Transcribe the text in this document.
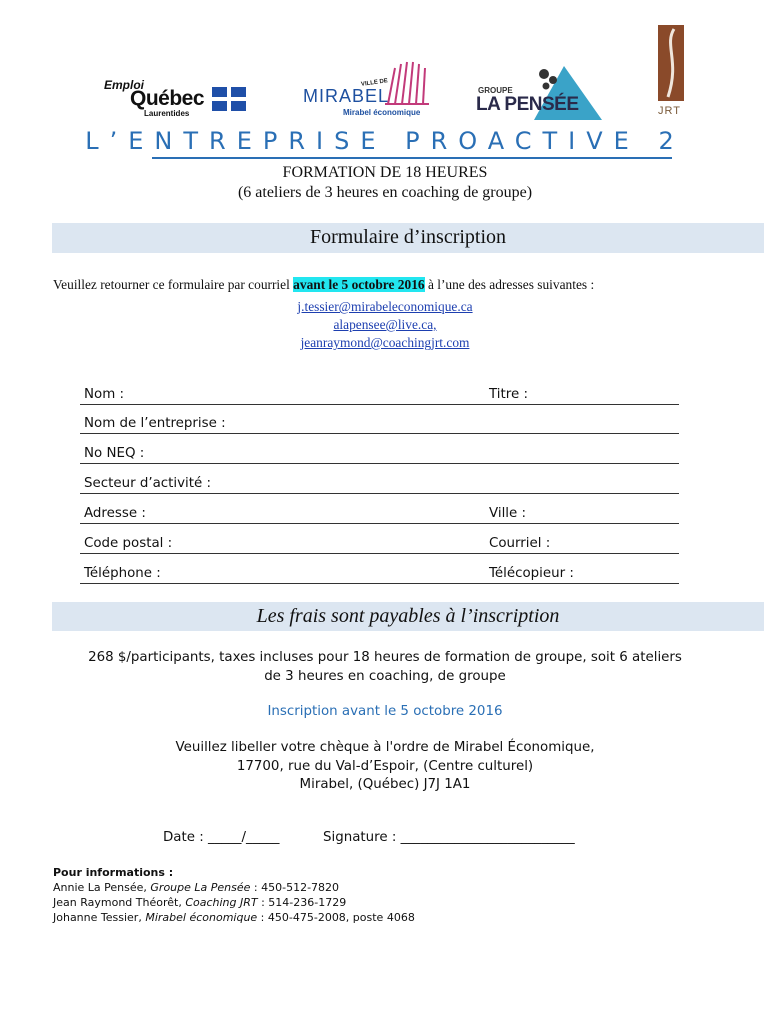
Emploi
Québec
Laurentides
VILLE DE
MIRABEL
Mirabel économique
GROUPE
LA PENSÉE	JRT
L’ENTREPRISE PROACTIVE 2
FORMATION DE 18 HEURES
(6 ateliers de 3 heures en coaching de groupe)
Formulaire d’inscription
Veuillez retourner ce formulaire par courriel avant le 5 octobre 2016 à l’une des adresses suivantes :
j.tessier@mirabeleconomique.ca
alapensee@live.ca,
jeanraymond@coachingjrt.com
Nom :	Titre :
Nom de l’entreprise :
No NEQ :
Secteur d’activité :
Adresse :	Ville :
Code postal :	Courriel :
Téléphone :	Télécopieur :
Les frais sont payables à l’inscription
268 $/participants, taxes incluses pour 18 heures de formation de groupe, soit 6 ateliers
de 3 heures en coaching, de groupe
Inscription avant le 5 octobre 2016
Veuillez libeller votre chèque à l'ordre de Mirabel Économique,
17700, rue du Val-d’Espoir, (Centre culturel)
Mirabel, (Québec) J7J 1A1
Date : _____/_____	Signature : __________________________
Pour informations :
Annie La Pensée, Groupe La Pensée : 450-512-7820
Jean Raymond Théorêt, Coaching JRT : 514-236-1729
Johanne Tessier, Mirabel économique : 450-475-2008, poste 4068
